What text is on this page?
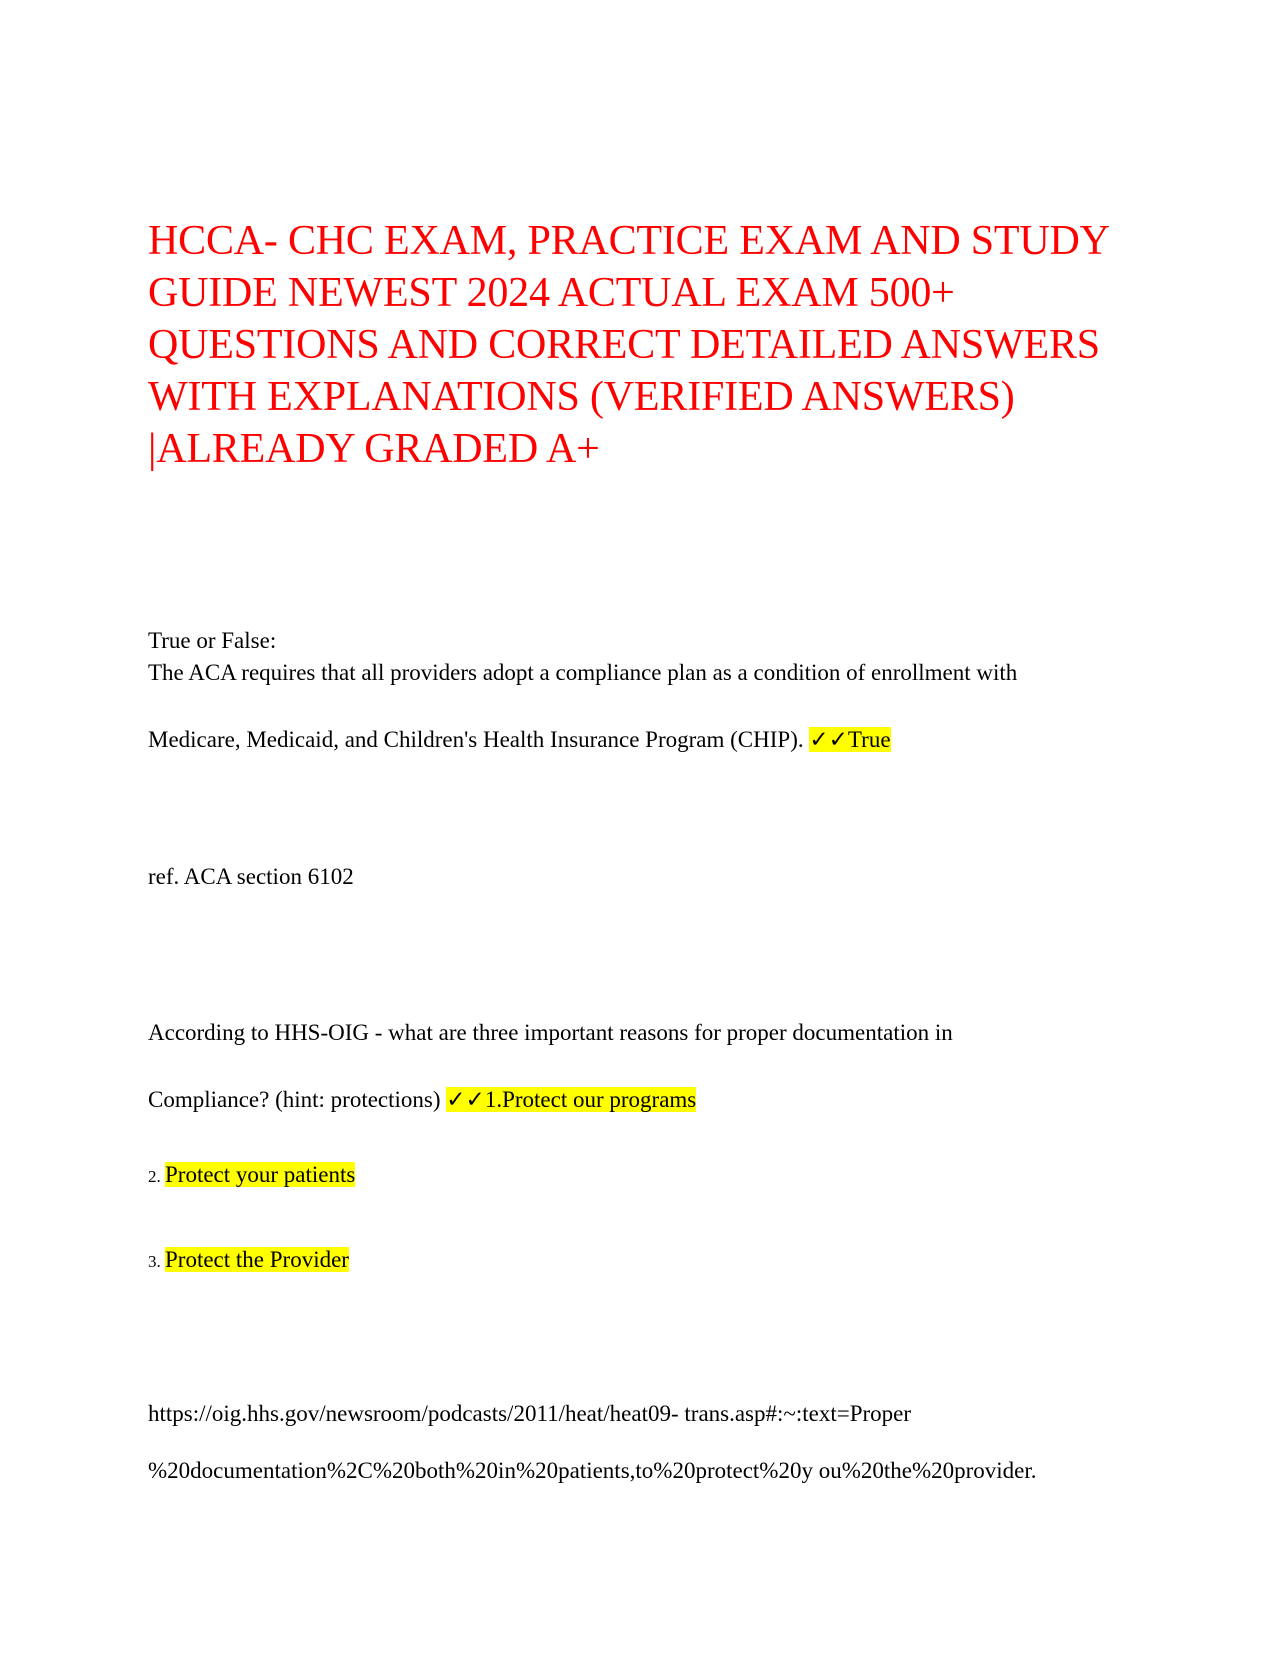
HCCA- CHC EXAM, PRACTICE EXAM AND STUDY
GUIDE NEWEST 2024 ACTUAL EXAM 500+
QUESTIONS AND CORRECT DETAILED ANSWERS
WITH EXPLANATIONS (VERIFIED ANSWERS)
|ALREADY GRADED A+

True or False:

The ACA requires that all providers adopt a compliance plan as a condition of enrollment with

Medicare, Medicaid, and Children's Health Insurance Program (CHIP). ✓✓True

ref. ACA section 6102

According to HHS-OIG - what are three important reasons for proper documentation in

Compliance? (hint: protections) ✓✓1.Protect our programs

2. Protect your patients

3. Protect the Provider

https://oig.hhs.gov/newsroom/podcasts/2011/heat/heat09- trans.asp#:~:text=Proper

%20documentation%2C%20both%20in%20patients,to%20protect%20y ou%20the%20provider.
